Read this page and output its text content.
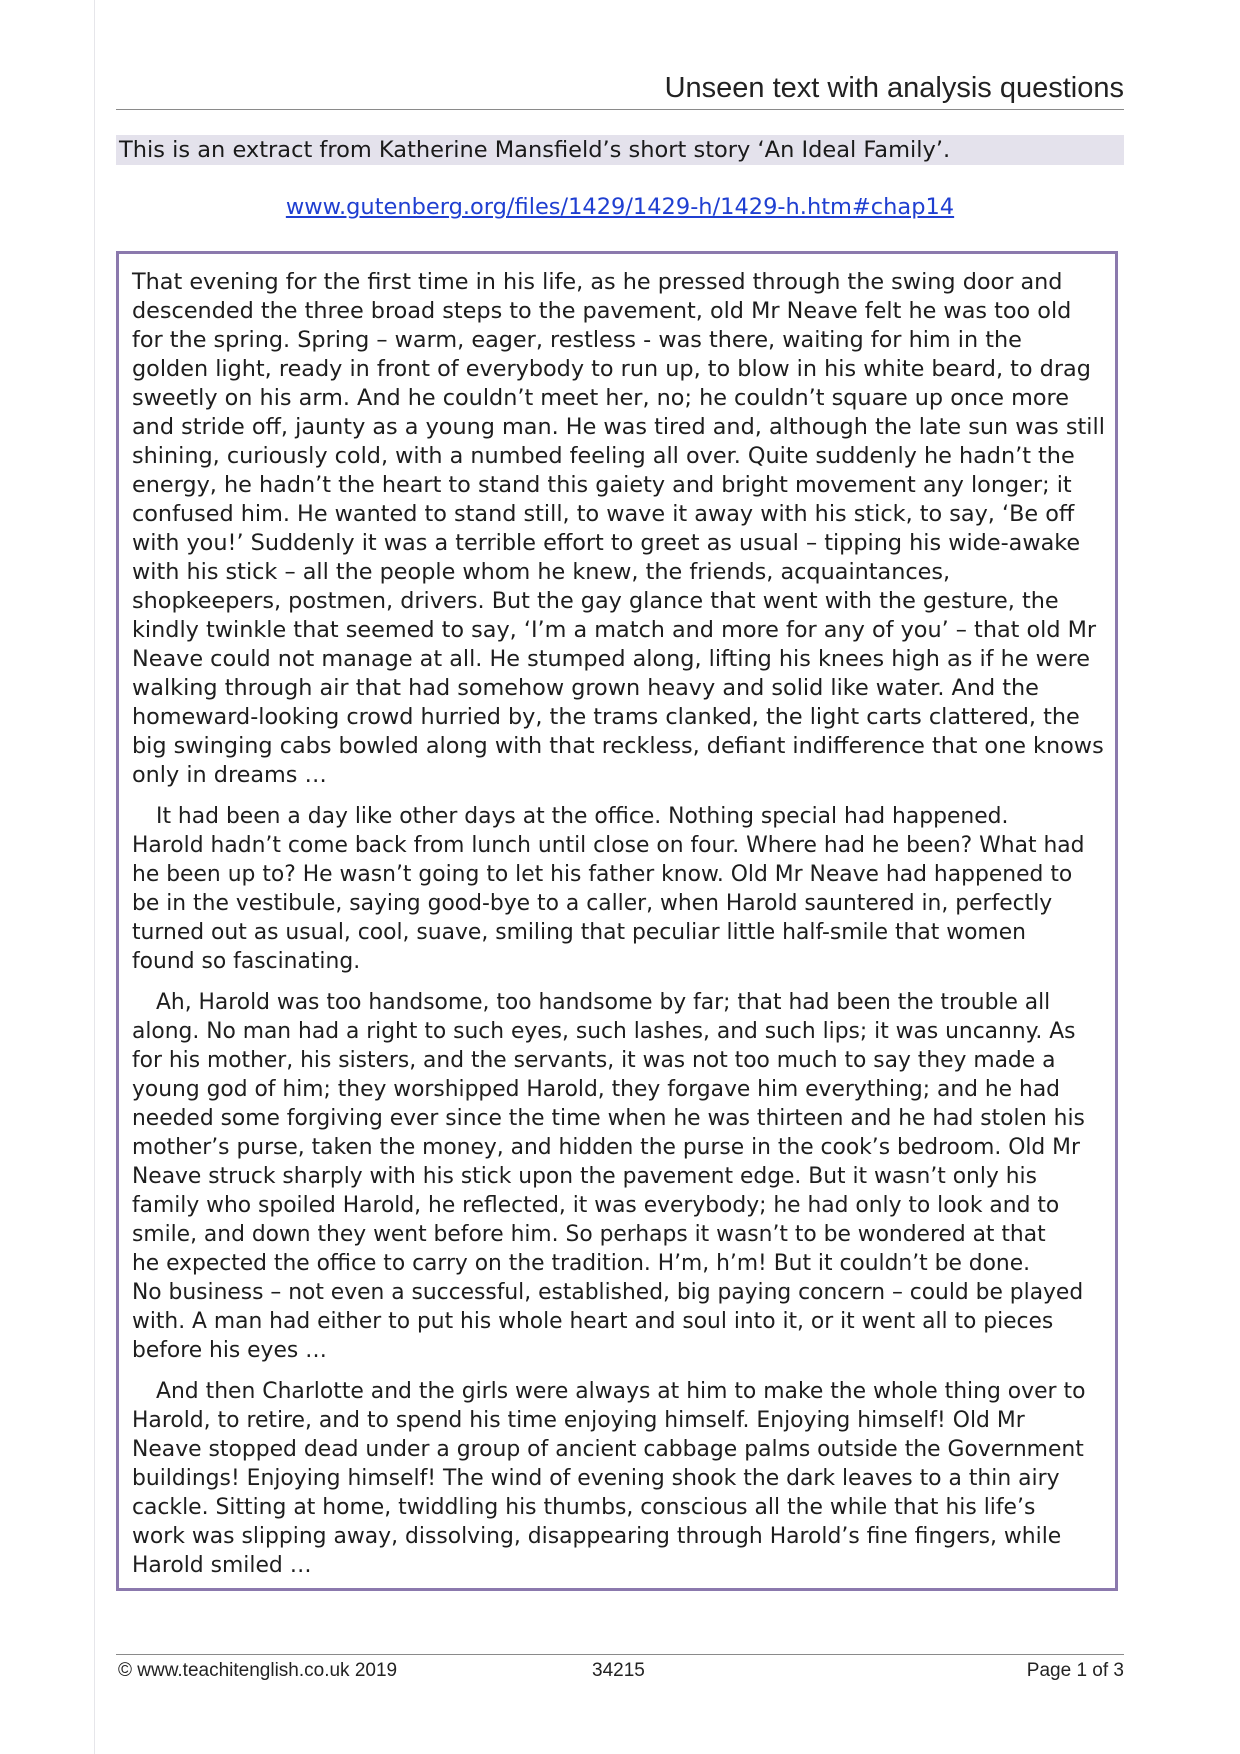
Unseen text with analysis questions
This is an extract from Katherine Mansfield’s short story ‘An Ideal Family’.
www.gutenberg.org/files/1429/1429-h/1429-h.htm#chap14

That evening for the first time in his life, as he pressed through the swing door and
descended the three broad steps to the pavement, old Mr Neave felt he was too old
for the spring. Spring – warm, eager, restless - was there, waiting for him in the
golden light, ready in front of everybody to run up, to blow in his white beard, to drag
sweetly on his arm. And he couldn’t meet her, no; he couldn’t square up once more
and stride off, jaunty as a young man. He was tired and, although the late sun was still
shining, curiously cold, with a numbed feeling all over. Quite suddenly he hadn’t the
energy, he hadn’t the heart to stand this gaiety and bright movement any longer; it
confused him. He wanted to stand still, to wave it away with his stick, to say, ‘Be off
with you!’ Suddenly it was a terrible effort to greet as usual – tipping his wide-awake
with his stick – all the people whom he knew, the friends, acquaintances,
shopkeepers, postmen, drivers. But the gay glance that went with the gesture, the
kindly twinkle that seemed to say, ‘I’m a match and more for any of you’ – that old Mr
Neave could not manage at all. He stumped along, lifting his knees high as if he were
walking through air that had somehow grown heavy and solid like water. And the
homeward-looking crowd hurried by, the trams clanked, the light carts clattered, the
big swinging cabs bowled along with that reckless, defiant indifference that one knows
only in dreams …

It had been a day like other days at the office. Nothing special had happened.
Harold hadn’t come back from lunch until close on four. Where had he been? What had
he been up to? He wasn’t going to let his father know. Old Mr Neave had happened to
be in the vestibule, saying good-bye to a caller, when Harold sauntered in, perfectly
turned out as usual, cool, suave, smiling that peculiar little half-smile that women
found so fascinating.

Ah, Harold was too handsome, too handsome by far; that had been the trouble all
along. No man had a right to such eyes, such lashes, and such lips; it was uncanny. As
for his mother, his sisters, and the servants, it was not too much to say they made a
young god of him; they worshipped Harold, they forgave him everything; and he had
needed some forgiving ever since the time when he was thirteen and he had stolen his
mother’s purse, taken the money, and hidden the purse in the cook’s bedroom. Old Mr
Neave struck sharply with his stick upon the pavement edge. But it wasn’t only his
family who spoiled Harold, he reflected, it was everybody; he had only to look and to
smile, and down they went before him. So perhaps it wasn’t to be wondered at that
he expected the office to carry on the tradition. H’m, h’m! But it couldn’t be done.
No business – not even a successful, established, big paying concern – could be played
with. A man had either to put his whole heart and soul into it, or it went all to pieces
before his eyes …

And then Charlotte and the girls were always at him to make the whole thing over to
Harold, to retire, and to spend his time enjoying himself. Enjoying himself! Old Mr
Neave stopped dead under a group of ancient cabbage palms outside the Government
buildings! Enjoying himself! The wind of evening shook the dark leaves to a thin airy
cackle. Sitting at home, twiddling his thumbs, conscious all the while that his life’s
work was slipping away, dissolving, disappearing through Harold’s fine fingers, while
Harold smiled …

© www.teachitenglish.co.uk 2019	34215	Page 1 of 3
